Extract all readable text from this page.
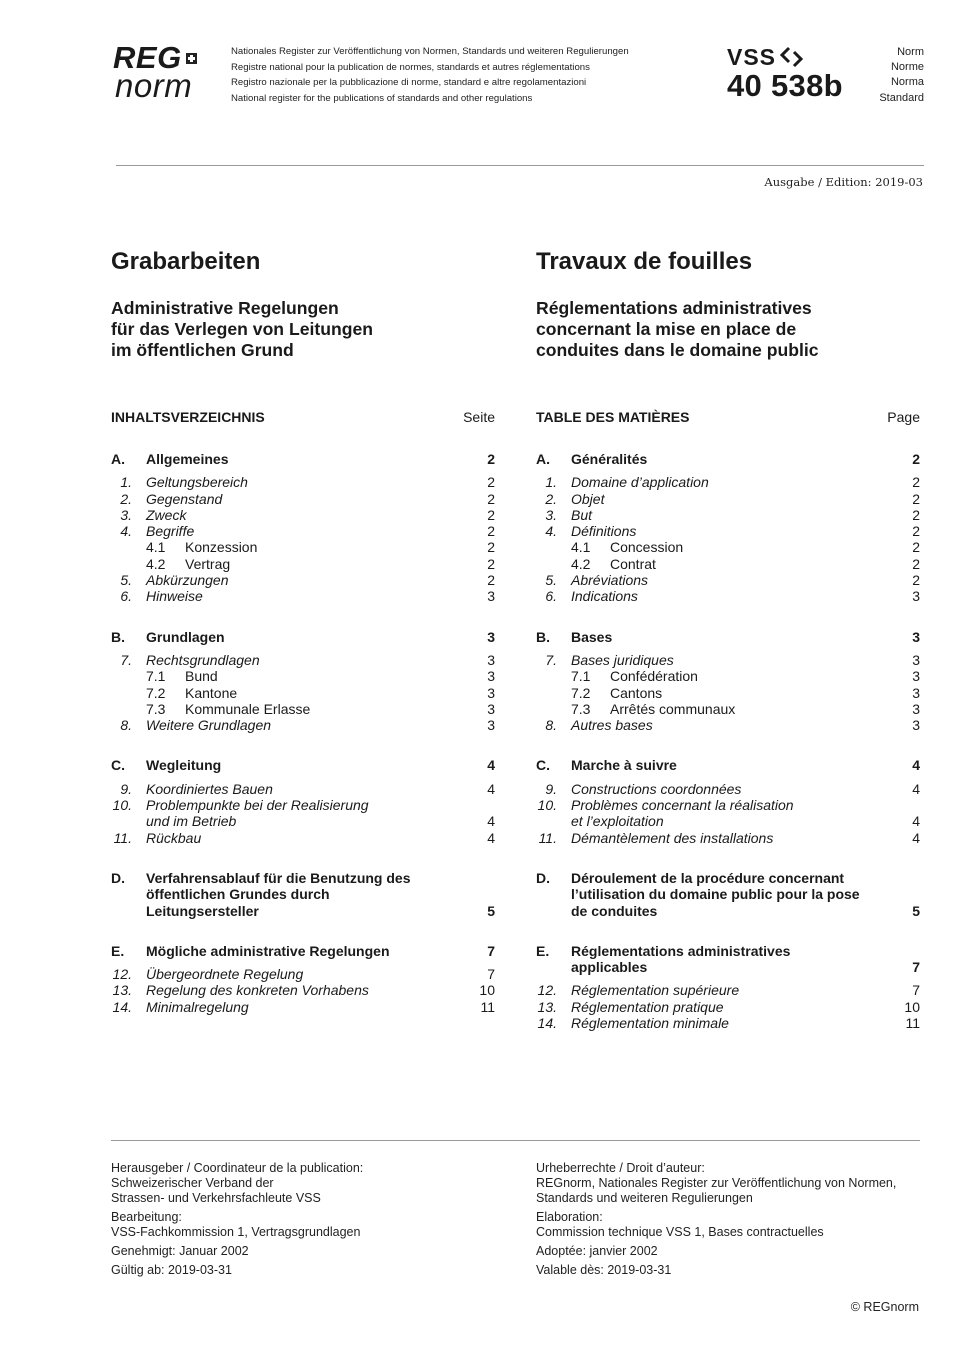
REG
norm
Nationales Register zur Veröffentlichung von Normen, Standards und weiteren Regulierungen
Registre national pour la publication de normes, standards et autres réglementations
Registro nazionale per la pubblicazione di norme, standard e altre regolamentazioni
National register for the publications of standards and other regulations
VSS
40 538b
Norm
Norme
Norma
Standard
Ausgabe / Edition: 2019-03
Grabarbeiten
Administrative Regelungen
für das Verlegen von Leitungen
im öffentlichen Grund
Travaux de fouilles
Réglementations administratives
concernant la mise en place de
conduites dans le domaine public
INHALTSVERZEICHNIS	Seite
A.	Allgemeines	2
1.	Geltungsbereich	2
2.	Gegenstand	2
3.	Zweck	2
4.	Begriffe	2
4.1	Konzession	2
4.2	Vertrag	2
5.	Abkürzungen	2
6.	Hinweise	3
B.	Grundlagen	3
7.	Rechtsgrundlagen	3
7.1	Bund	3
7.2	Kantone	3
7.3	Kommunale Erlasse	3
8.	Weitere Grundlagen	3
C.	Wegleitung	4
9.	Koordiniertes Bauen	4
10.	Problempunkte bei der Realisierung
und im Betrieb	4
11.	Rückbau	4
D.	Verfahrensablauf für die Benutzung des öffentlichen Grundes durch Leitungsersteller	5
E.	Mögliche administrative Regelungen	7
12.	Übergeordnete Regelung	7
13.	Regelung des konkreten Vorhabens	10
14.	Minimalregelung	11
TABLE DES MATIÈRES	Page
A.	Généralités	2
1.	Domaine d’application	2
2.	Objet	2
3.	But	2
4.	Définitions	2
4.1	Concession	2
4.2	Contrat	2
5.	Abréviations	2
6.	Indications	3
B.	Bases	3
7.	Bases juridiques	3
7.1	Confédération	3
7.2	Cantons	3
7.3	Arrêtés communaux	3
8.	Autres bases	3
C.	Marche à suivre	4
9.	Constructions coordonnées	4
10.	Problèmes concernant la réalisation
et l’exploitation	4
11.	Démantèlement des installations	4
D.	Déroulement de la procédure concernant l’utilisation du domaine public pour la pose de conduites	5
E.	Réglementations administratives applicables	7
12.	Réglementation supérieure	7
13.	Réglementation pratique	10
14.	Réglementation minimale	11

Herausgeber / Coordinateur de la publication:
Schweizerischer Verband der
Strassen- und Verkehrsfachleute VSS

Bearbeitung:
VSS-Fachkommission 1, Vertragsgrundlagen

Genehmigt: Januar 2002

Gültig ab: 2019-03-31

Urheberrechte / Droit d’auteur:
REGnorm, Nationales Register zur Veröffentlichung von Normen,
Standards und weiteren Regulierungen

Elaboration:
Commission technique VSS 1, Bases contractuelles

Adoptée: janvier 2002

Valable dès: 2019-03-31

© REGnorm
